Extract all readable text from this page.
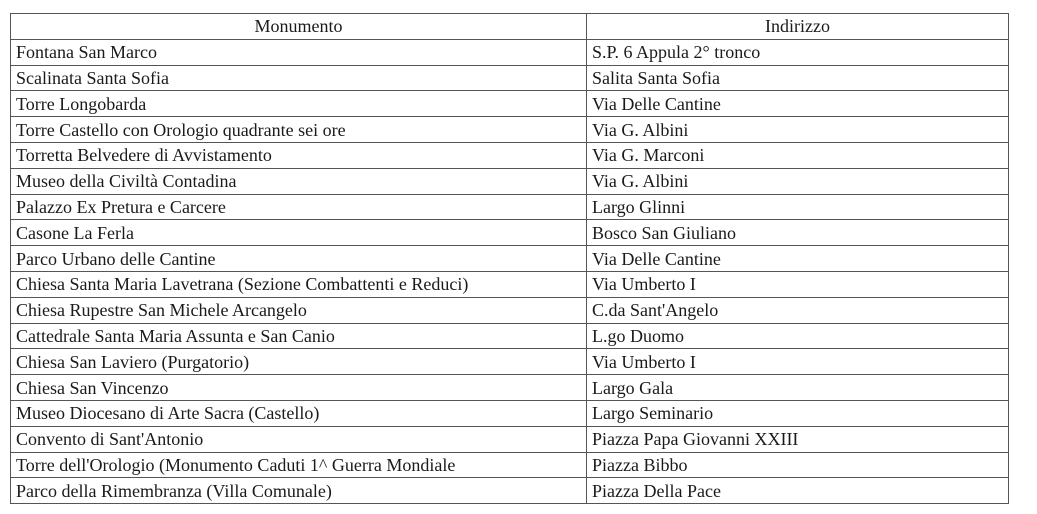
Monumento	Indirizzo
Fontana San Marco	S.P. 6 Appula 2° tronco
Scalinata Santa Sofia	Salita Santa Sofia
Torre Longobarda	Via Delle Cantine
Torre Castello con Orologio quadrante sei ore	Via G. Albini
Torretta Belvedere di Avvistamento	Via G. Marconi
Museo della Civiltà Contadina	Via G. Albini
Palazzo Ex Pretura e Carcere	Largo Glinni
Casone La Ferla	Bosco San Giuliano
Parco Urbano delle Cantine	Via Delle Cantine
Chiesa Santa Maria Lavetrana (Sezione Combattenti e Reduci)	Via Umberto I
Chiesa Rupestre San Michele Arcangelo	C.da Sant'Angelo
Cattedrale Santa Maria Assunta e San Canio	L.go Duomo
Chiesa San Laviero (Purgatorio)	Via Umberto I
Chiesa San Vincenzo	Largo Gala
Museo Diocesano di Arte Sacra (Castello)	Largo Seminario
Convento di Sant'Antonio	Piazza Papa Giovanni XXIII
Torre dell'Orologio (Monumento Caduti 1^ Guerra Mondiale	Piazza Bibbo
Parco della Rimembranza (Villa Comunale)	Piazza Della Pace
